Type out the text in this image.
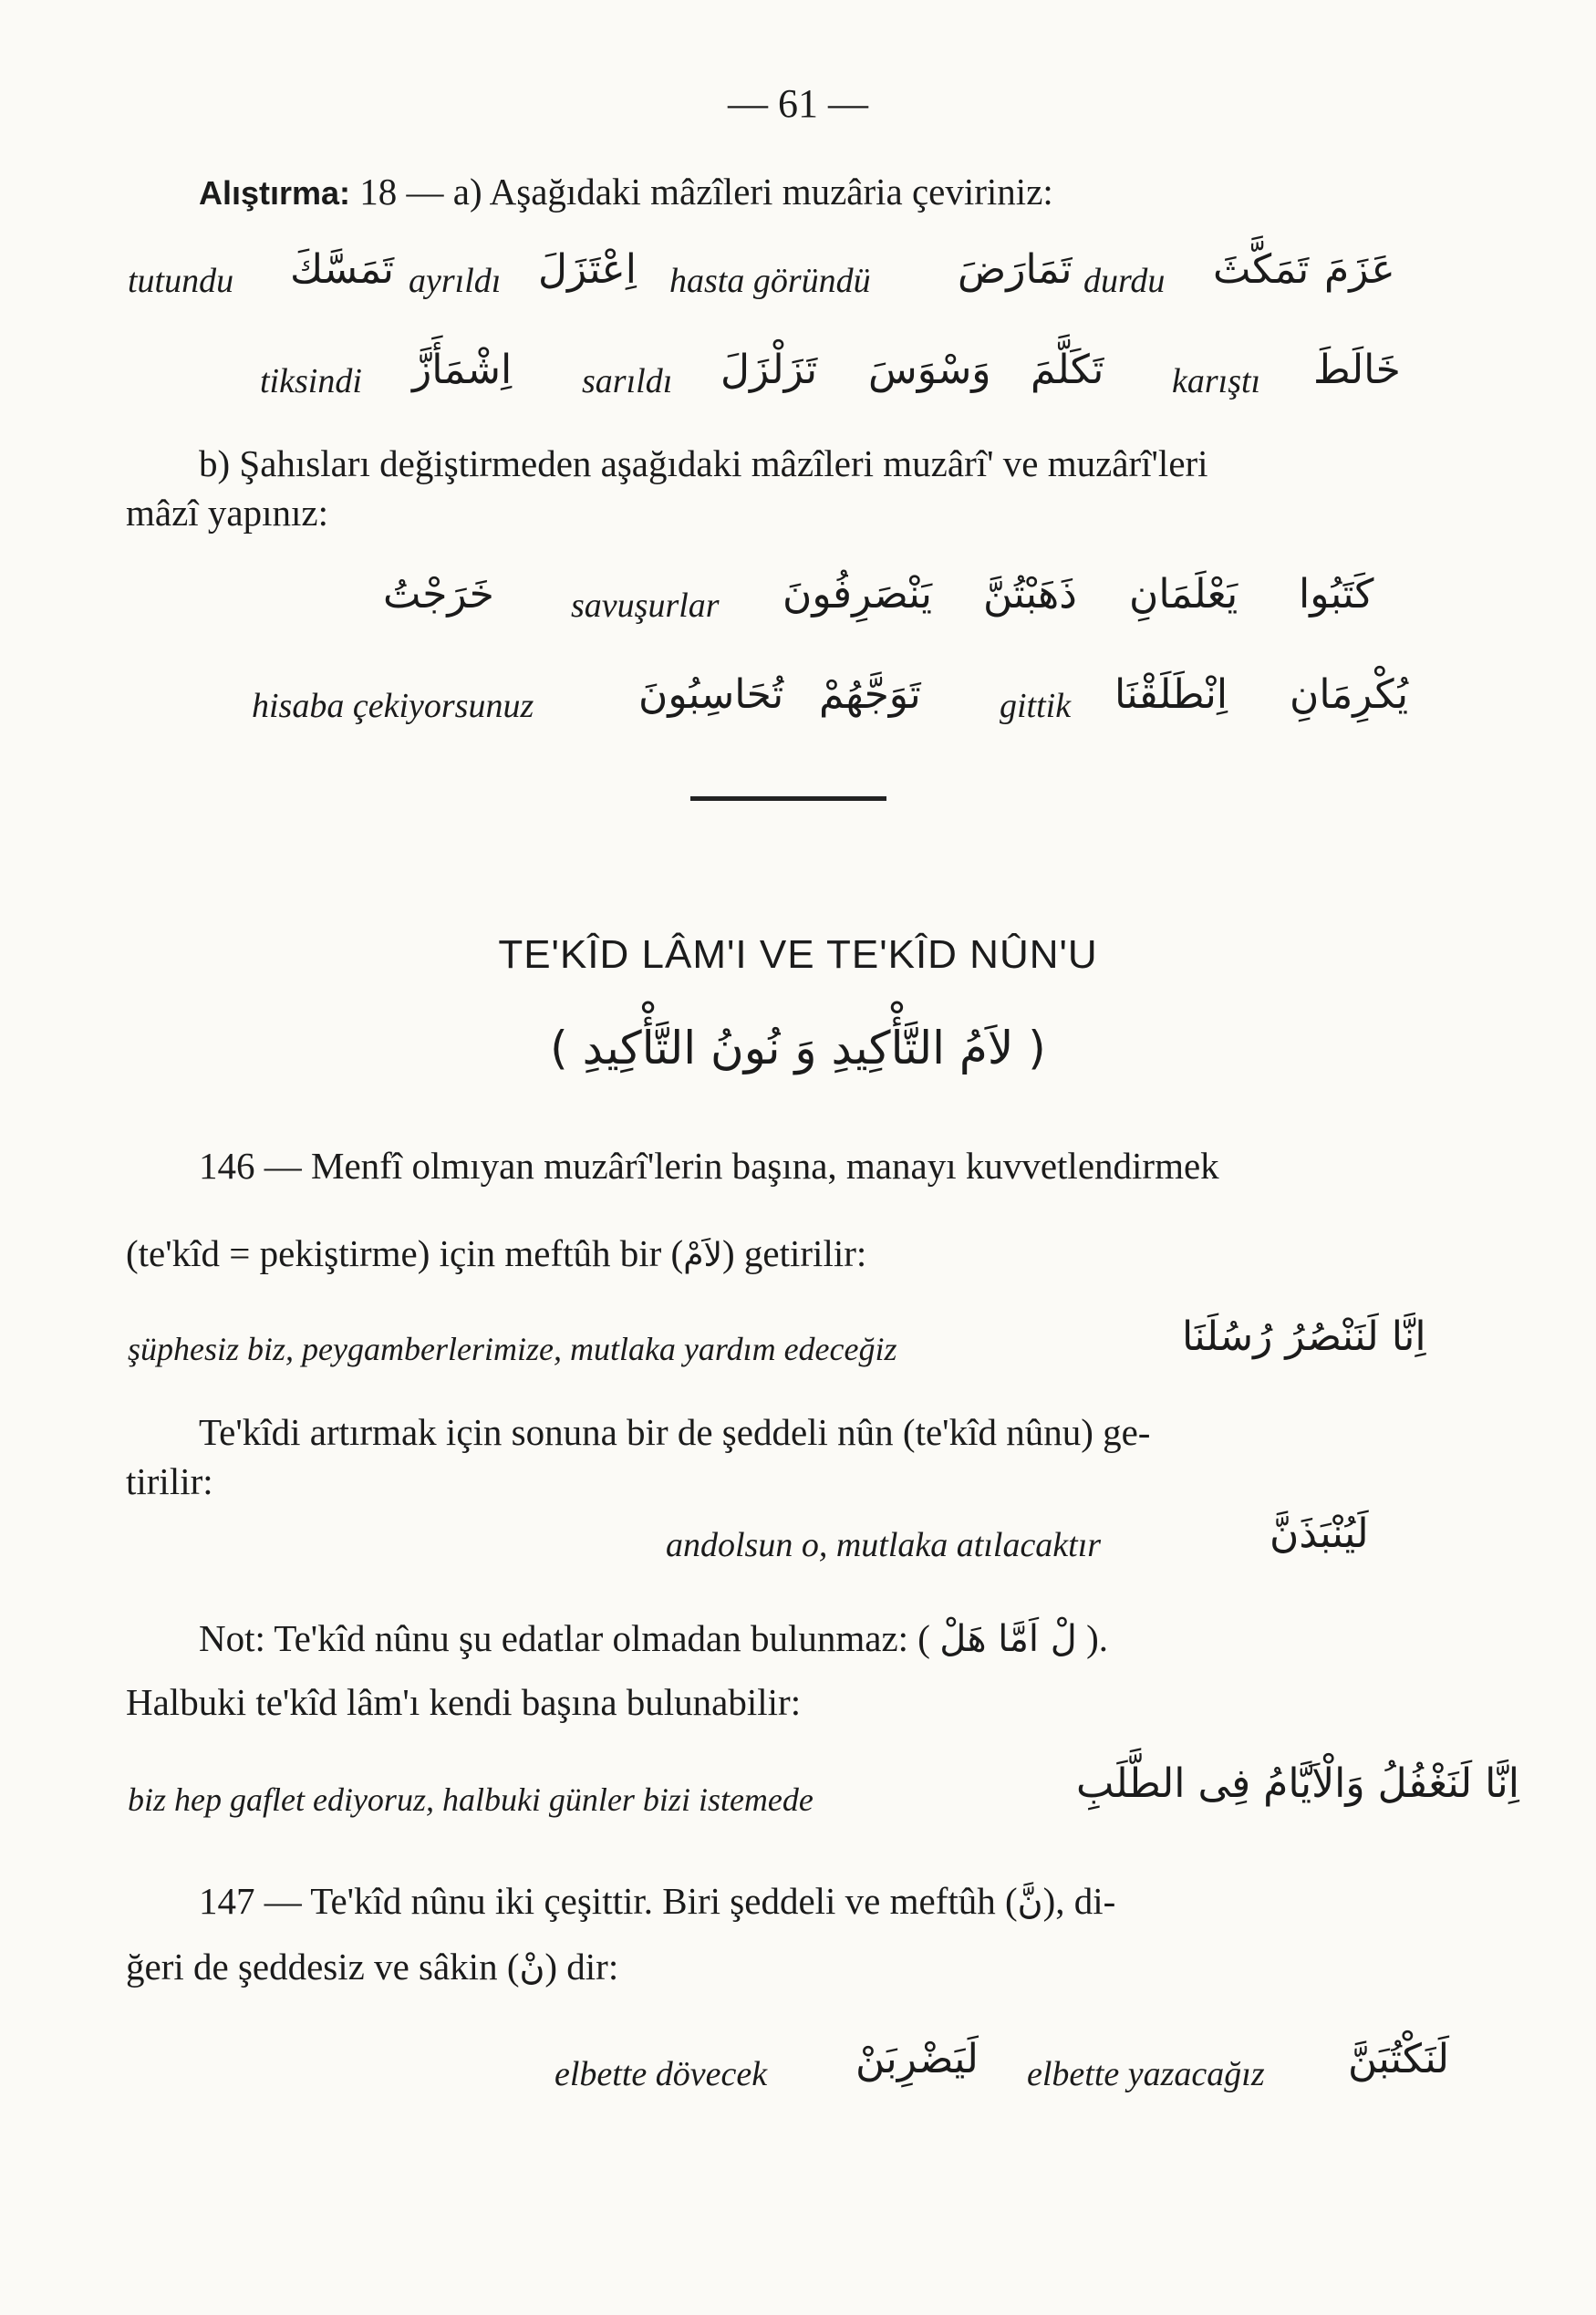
— 61 —
Alıştırma: 18 — a) Aşağıdaki mâzîleri muzâria çeviriniz:
tutundu تَمَسَّكَ ayrıldı اِعْتَزَلَ hasta göründü تَمَارَضَ durdu تَمَكَّثَ عَزَمَ
tiksindi اِشْمَأَزَّ sarıldı تَزَلْزَلَ وَسْوَسَ تَكَلَّمَ karıştı خَالَطَ
b) Şahısları değiştirmeden aşağıdaki mâzîleri muzârî' ve muzârî'leri
mâzî yapınız:
خَرَجْتُ savuşurlar يَنْصَرِفُونَ ذَهَبْتُنَّ يَعْلَمَانِ كَتَبُوا
hisaba çekiyorsunuz	تُحَاسِبُونَ تَوَجَّهُمْ gittik اِنْطَلَقْنَا يُكْرِمَانِ
TE'KÎD LÂM'I VE TE'KÎD NÛN'U
( لاَمُ التَّأْكِيدِ وَ نُونُ التَّأْكِيدِ )
146 — Menfî olmıyan muzârî'lerin başına, manayı kuvvetlendirmek
(te'kîd = pekiştirme) için meftûh bir (لاَمْ) getirilir:
şüphesiz biz, peygamberlerimize, mutlaka yardım edeceğiz	اِنَّا لَنَنْصُرُ رُسُلَنَا
Te'kîdi artırmak için sonuna bir de şeddeli nûn (te'kîd nûnu) ge-
tirilir:
andolsun o, mutlaka atılacaktır	لَيُنْبَذَنَّ
Not: Te'kîd nûnu şu edatlar olmadan bulunmaz: ( لْ اَمَّا هَلْ ).
Halbuki te'kîd lâm'ı kendi başına bulunabilir:
biz hep gaflet ediyoruz, halbuki günler bizi istemede	اِنَّا لَنَغْفُلُ وَالْاَيَّامُ فِى الطَّلَبِ
147 — Te'kîd nûnu iki çeşittir. Biri şeddeli ve meftûh (نَّ), di-
ğeri de şeddesiz ve sâkin (نْ) dir:
elbette dövecek لَيَضْرِبَنْ elbette yazacağız لَنَكْتُبَنَّ
